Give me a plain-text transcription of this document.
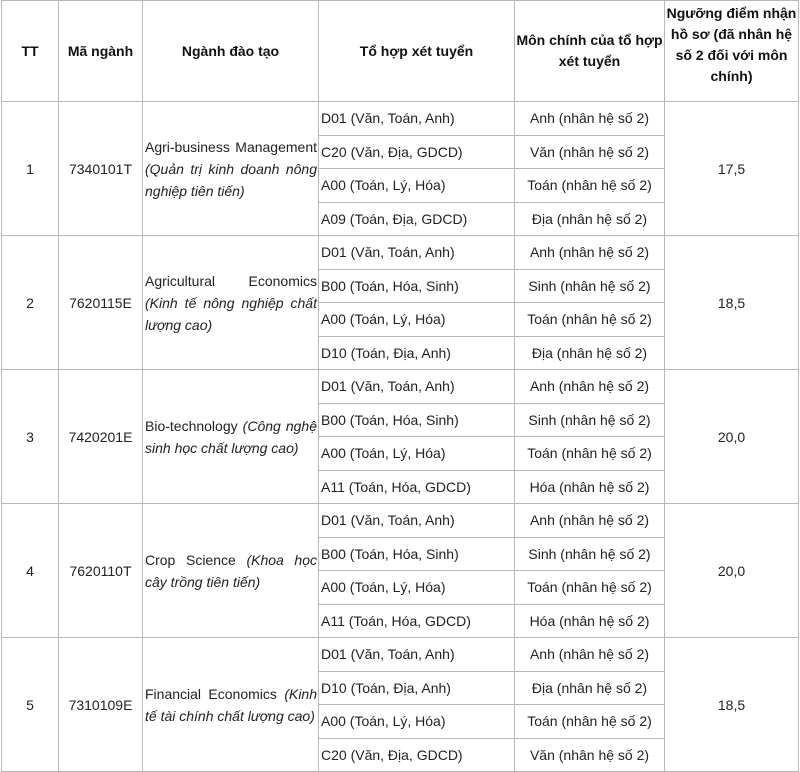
TT	Mã ngành	Ngành đào tạo	Tổ hợp xét tuyển	Môn chính của tổ hợp xét tuyển	Ngưỡng điểm nhận hồ sơ (đã nhân hệ số 2 đối với môn chính)
1	7340101T	Agri-business Management (Quản trị kinh doanh nông nghiệp tiên tiến)	D01 (Văn, Toán, Anh)	Anh (nhân hệ số 2)	17,5
			C20 (Văn, Địa, GDCD)	Văn (nhân hệ số 2)	
			A00 (Toán, Lý, Hóa)	Toán (nhân hệ số 2)	
			A09 (Toán, Địa, GDCD)	Địa (nhân hệ số 2)	
2	7620115E	Agricultural Economics (Kinh tế nông nghiệp chất lượng cao)	D01 (Văn, Toán, Anh)	Anh (nhân hệ số 2)	18,5
			B00 (Toán, Hóa, Sinh)	Sinh (nhân hệ số 2)	
			A00 (Toán, Lý, Hóa)	Toán (nhân hệ số 2)	
			D10 (Toán, Địa, Anh)	Địa (nhân hệ số 2)	
3	7420201E	Bio-technology (Công nghệ sinh học chất lượng cao)	D01 (Văn, Toán, Anh)	Anh (nhân hệ số 2)	20,0
			B00 (Toán, Hóa, Sinh)	Sinh (nhân hệ số 2)	
			A00 (Toán, Lý, Hóa)	Toán (nhân hệ số 2)	
			A11 (Toán, Hóa, GDCD)	Hóa (nhân hệ số 2)	
4	7620110T	Crop Science (Khoa học cây trồng tiên tiến)	D01 (Văn, Toán, Anh)	Anh (nhân hệ số 2)	20,0
			B00 (Toán, Hóa, Sinh)	Sinh (nhân hệ số 2)	
			A00 (Toán, Lý, Hóa)	Toán (nhân hệ số 2)	
			A11 (Toán, Hóa, GDCD)	Hóa (nhân hệ số 2)	
5	7310109E	Financial Economics (Kinh tế tài chính chất lượng cao)	D01 (Văn, Toán, Anh)	Anh (nhân hệ số 2)	18,5
			D10 (Toán, Địa, Anh)	Địa (nhân hệ số 2)	
			A00 (Toán, Lý, Hóa)	Toán (nhân hệ số 2)	
			C20 (Văn, Địa, GDCD)	Văn (nhân hệ số 2)	
